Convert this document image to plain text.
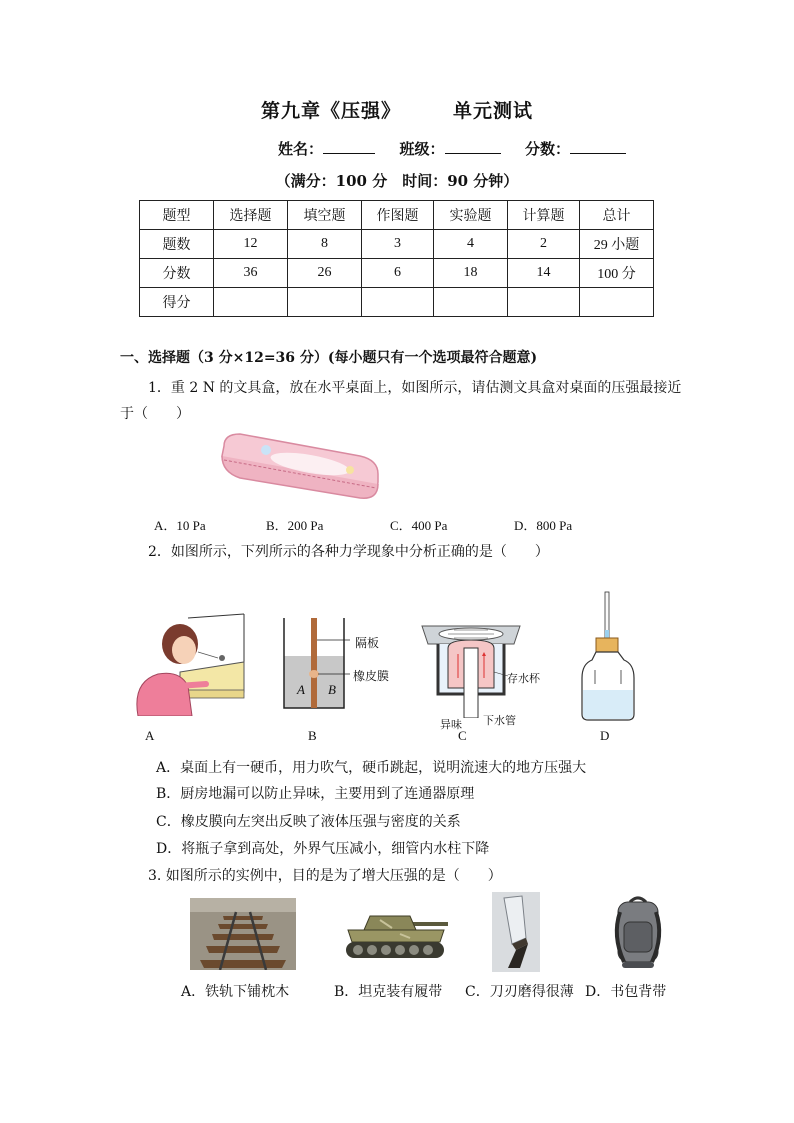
第九章《压强》	单元测试
姓名：	班级：	分数：
（满分：100 分　时间：90 分钟）
题型	选择题	填空题	作图题	实验题	计算题	总计
题数	12	8	3	4	2	29 小题
分数	36	26	6	18	14	100 分
得分						
一、选择题（3 分×12=36 分）(每小题只有一个选项最符合题意)
1．重 2 N 的文具盒，放在水平桌面上，如图所示，请估测文具盒对桌面的压强最接近
于（　　）
A．10 Pa	B．200 Pa	C．400 Pa	D．800 Pa
2．如图所示，下列所示的各种力学现象中分析正确的是（　　）
A
隔板
橡皮膜
A B
B
存水杯
异味 下水管
C	D
A．桌面上有一硬币，用力吹气，硬币跳起，说明流速大的地方压强大
B．厨房地漏可以防止异味，主要用到了连通器原理
C．橡皮膜向左突出反映了液体压强与密度的关系
D．将瓶子拿到高处，外界气压减小，细管内水柱下降
3. 如图所示的实例中，目的是为了增大压强的是（　　）
A．铁轨下铺枕木	B．坦克装有履带 C．刀刃磨得很薄 D．书包背带
